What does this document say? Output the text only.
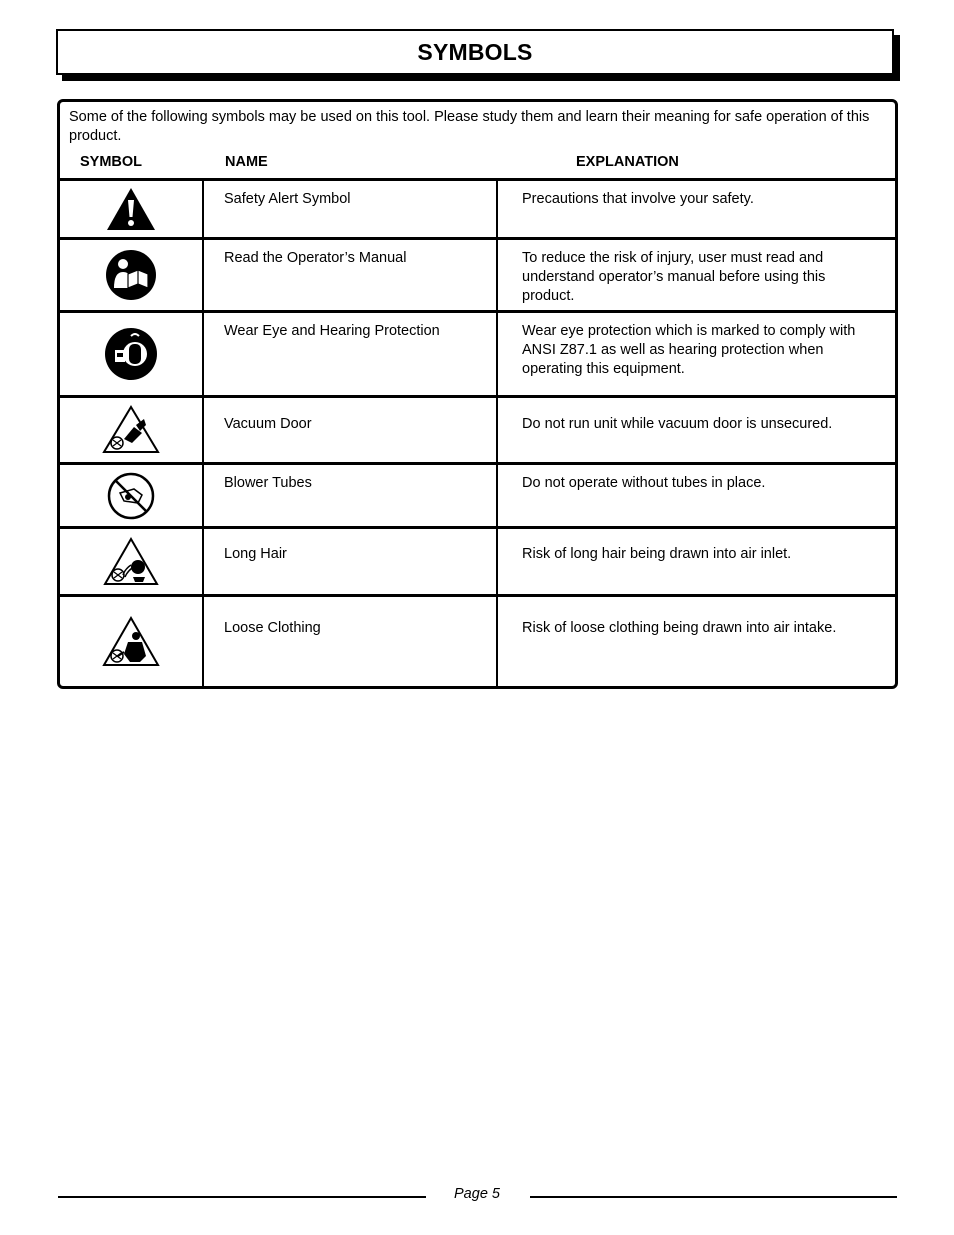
SYMBOLS
Some of the following symbols may be used on this tool. Please study them and learn their meaning for safe operation of this product.
SYMBOL	NAME	EXPLANATION
Safety Alert Symbol	Precautions that involve your safety.
Read the Operator’s Manual	To reduce the risk of injury, user must read and understand operator’s manual before using this product.
Wear Eye and Hearing Protection	Wear eye protection which is marked to comply with ANSI Z87.1 as well as hearing protection when operating this equipment.
Vacuum Door	Do not run unit while vacuum door is unsecured.
Blower Tubes	Do not operate without tubes in place.
Long Hair	Risk of long hair being drawn into air inlet.
Loose Clothing	Risk of loose clothing being drawn into air intake.
Page 5
